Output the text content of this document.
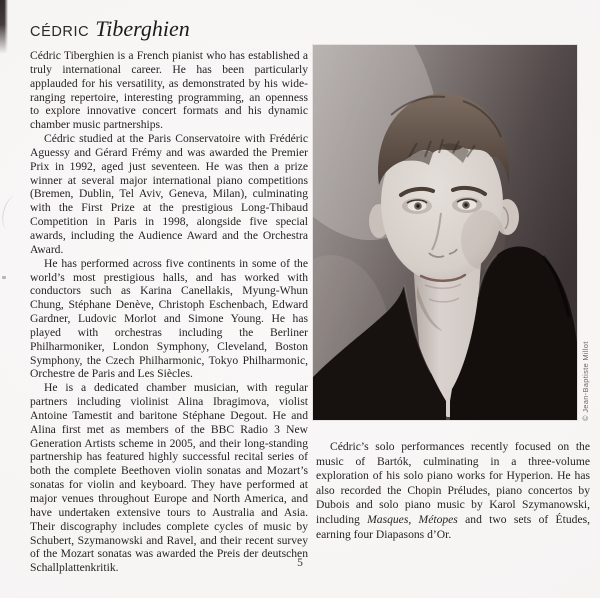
CÉDRIC Tiberghien

Cédric Tiberghien is a French pianist who has established a truly international career. He has been particularly applauded for his versatility, as demonstrated by his wide-ranging repertoire, interesting programming, an openness to explore innovative concert formats and his dynamic chamber music partnerships.

Cédric studied at the Paris Conservatoire with Frédéric Aguessy and Gérard Frémy and was awarded the Premier Prix in 1992, aged just seventeen. He was then a prize winner at several major international piano competitions (Bremen, Dublin, Tel Aviv, Geneva, Milan), culminating with the First Prize at the prestigious Long-Thibaud Competition in Paris in 1998, alongside five special awards, including the Audience Award and the Orchestra Award.

He has performed across five continents in some of the world’s most prestigious halls, and has worked with conductors such as Karina Canellakis, Myung-Whun Chung, Stéphane Denève, Christoph Eschenbach, Edward Gardner, Ludovic Morlot and Simone Young. He has played with orchestras including the Berliner Philharmoniker, London Symphony, Cleveland, Boston Symphony, the Czech Philharmonic, Tokyo Philharmonic, Orchestre de Paris and Les Siècles.

He is a dedicated chamber musician, with regular partners including violinist Alina Ibragimova, violist Antoine Tamestit and baritone Stéphane Degout. He and Alina first met as members of the BBC Radio 3 New Generation Artists scheme in 2005, and their long-standing partnership has featured highly successful recital series of both the complete Beethoven violin sonatas and Mozart’s sonatas for violin and keyboard. They have performed at major venues throughout Europe and North America, and have undertaken extensive tours to Australia and Asia. Their discography includes complete cycles of music by Schubert, Szymanowski and Ravel, and their recent survey of the Mozart sonatas was awarded the Preis der deutschen Schallplattenkritik.

© Jean-Baptiste Millot
Cédric’s solo performances recently focused on the music of Bartók, culminating in a three-volume exploration of his solo piano works for Hyperion. He has also recorded the Chopin Préludes, piano concertos by Dubois and solo piano music by Karol Szymanowski, including Masques, Métopes and two sets of Études, earning four Diapasons d’Or.
5
